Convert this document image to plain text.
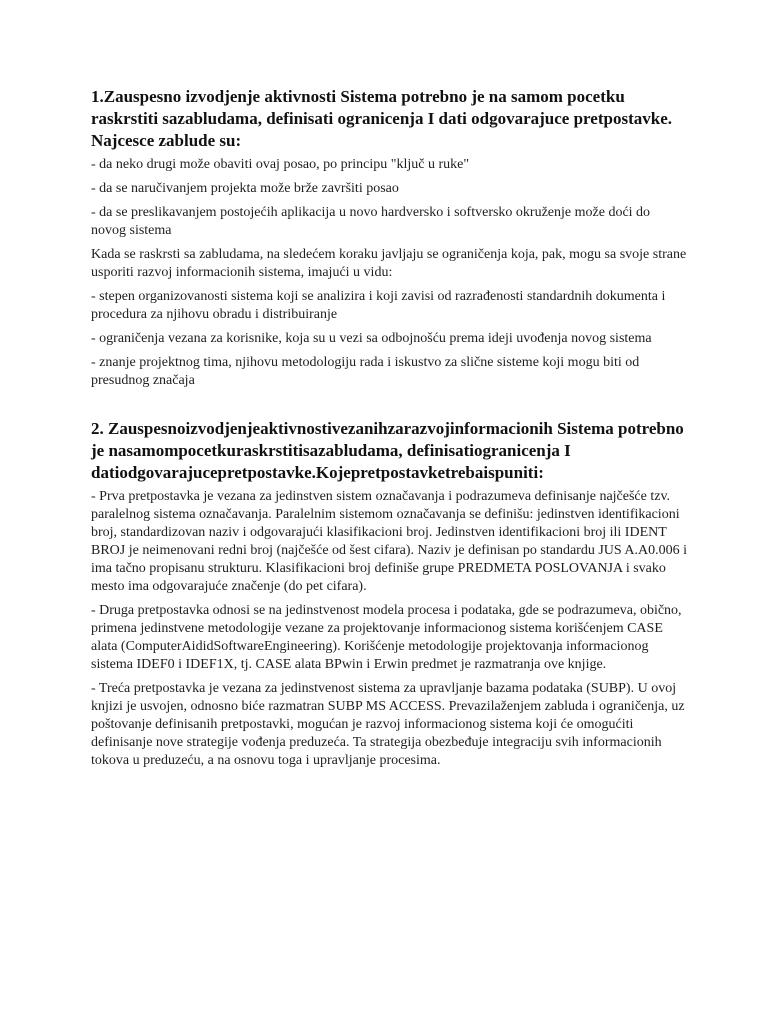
1.Zauspesno izvodjenje aktivnosti Sistema potrebno je na samom pocetku raskrstiti sazabludama, definisati ogranicenja I dati odgovarajuce pretpostavke. Najcesce zablude su:

- da neko drugi može obaviti ovaj posao, po principu "ključ u ruke"

- da se naručivanjem projekta može brže završiti posao

- da se preslikavanjem postojećih aplikacija u novo hardversko i softversko okruženje može doći do novog sistema

Kada se raskrsti sa zabludama, na sledećem koraku javljaju se ograničenja koja, pak, mogu sa svoje strane usporiti razvoj informacionih sistema, imajući u vidu:

- stepen organizovanosti sistema koji se analizira i koji zavisi od razrađenosti standardnih dokumenta i procedura za njihovu obradu i distribuiranje

- ograničenja vezana za korisnike, koja su u vezi sa odbojnošću prema ideji uvođenja novog sistema

- znanje projektnog tima, njihovu metodologiju rada i iskustvo za slične sisteme koji mogu biti od presudnog značaja

2. Zauspesnoizvodjenjeaktivnostivezanihzarazvojinformacionih Sistema potrebno je nasamompocetkuraskrstitisazabludama, definisatiogranicenja I datiodgovarajucepretpostavke.Kojepretpostavketrebaispuniti:

- Prva pretpostavka je vezana za jedinstven sistem označavanja i podrazumeva definisanje najčešće tzv. paralelnog sistema označavanja. Paralelnim sistemom označavanja se definišu: jedinstven identifikacioni broj, standardizovan naziv i odgovarajući klasifikacioni broj. Jedinstven identifikacioni broj ili IDENT BROJ je neimenovani redni broj (najčešće od šest cifara). Naziv je definisan po standardu JUS A.A0.006 i ima tačno propisanu strukturu. Klasifikacioni broj definiše grupe PREDMETA POSLOVANJA i svako mesto ima odgovarajuće značenje (do pet cifara).

- Druga pretpostavka odnosi se na jedinstvenost modela procesa i podataka, gde se podrazumeva, obično, primena jedinstvene metodologije vezane za projektovanje informacionog sistema korišćenjem CASE alata (ComputerAididSoftwareEngineering). Korišćenje metodologije projektovanja informacionog sistema IDEF0 i IDEF1X, tj. CASE alata BPwin i Erwin predmet je razmatranja ove knjige.

- Treća pretpostavka je vezana za jedinstvenost sistema za upravljanje bazama podataka (SUBP). U ovoj knjizi je usvojen, odnosno biće razmatran SUBP MS ACCESS. Prevazilaženjem zabluda i ograničenja, uz poštovanje definisanih pretpostavki, mogućan je razvoj informacionog sistema koji će omogućiti definisanje nove strategije vođenja preduzeća. Ta strategija obezbeđuje integraciju svih informacionih tokova u preduzeću, a na osnovu toga i upravljanje procesima.
